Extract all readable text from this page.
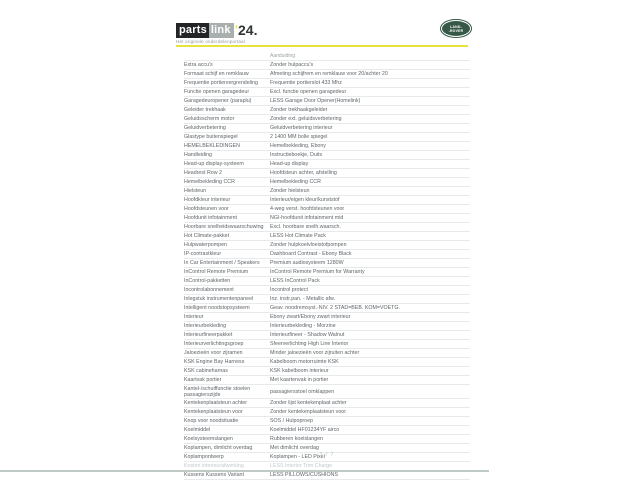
parts link ’ 24.
Het originele onderdelenportaal
LAND-
-ROVER
Aanduiding
Extra accu's	Zonder hulpaccu's
Formaat schijf en remklauw	Afmeting schijfrem en remklauw voor 20/achter 20
Frequentie portiervergrendeling	Frequentie portierslot 433 Mhz
Functie openen garagedeur	Excl. functie openen garagedeur
Garagedeuropener (paraplu)	LESS Garage Door Opener(Homelink)
Geleider trekhaak	Zonder trekhaakgeleider
Geluidsscherm motor	Zonder ext. geluidsverbetering
Geluidverbetering	Geluidverbetering interieur
Glastype buitenspiegel	2 1400 MM bolle spiegel
HEMELBEKLEDINGEN	Hemelbekleding, Ebony
Handleiding	Instructieboekje, Duits
Head-up display-systeem	Head-up display
Headrest Row 2	Hoofdsteun achter, afstelling
Hemelbekleding CCR	Hemelbekleding CCR
Hielsteun	Zonder hielsteun
Hoofdkleur interieur	Interieur/eigen kleur/kunststof
Hoofdsteunen voor	4-weg verst. hoofdsteunen voor
Hoofdunit infotainment	NGI-hoofdunit infotainment mid
Hoorbare snelheidswaarschuwing	Excl. hoorbare snelh.waarsch.
Hot Climate-pakket	LESS Hot Climate Pack
Hulpwaterpompen	Zonder hulpkoelvloeistofpompen
IP-contrastkleur	Dashboard Contrast - Ebony Black
In Car Entertainment / Speakers	Premium audiosysteem 1280W
InControl Remote Premium	InControl Remote Premium for Warranty
InControl-pakketten	LESS InControl Pack
Incontrolabonnement	Incontrol protect
Inlegstuk instrumentenpaneel	Inz. instr.pan. - Metallic afw.
Intelligent noodstopsysteem	Geav. noodremsyst.-NIV. 2 STAD=BEB. KOM=VOETG.
Interieur	Ebony zwart/Ebony zwart interieur
Interieurbekleding	Interieurbekleding - Morzine
Interieurfineerpakket	Interieurfineer - Shadow Walnut
Interieurverlichtingsgroep	Sfeerverlichting High Line Interior
Jaloezieën voor zijramen	Minder jaloezieën voor zijruiten achter
KSK Engine Bay Harness	Kabelboom motorruimte KSK
KSK cabineharnas	KSK kabelboom interieur
Kaartvak portier	Met kaartenvak in portier
Kantel-/schuiffunctie stoelen passagierszijde	passagiersstoel omklappen
Kentekenplaatsteun achter	Zonder lijst kentekenplaat achter
Kentekenplaatsteun voor	Zonder kentekenplaatsteun voor
Knop voor noodsituatie	SOS / Hulpoproep
Koelmiddel	Koelmiddel HF01234YF airco
Koelsysteemslangen	Rubberen koelslangen
Koplampen, dimlicht overdag	Met dimlicht overdag
Koplampontwerp	Koplampen - LED Pixel
Kosten interieurafwerking	LESS Interior Trim Charge
Kussens Kussens Variant	LESS PILLOWS/CUSHIONS
3 / 7
